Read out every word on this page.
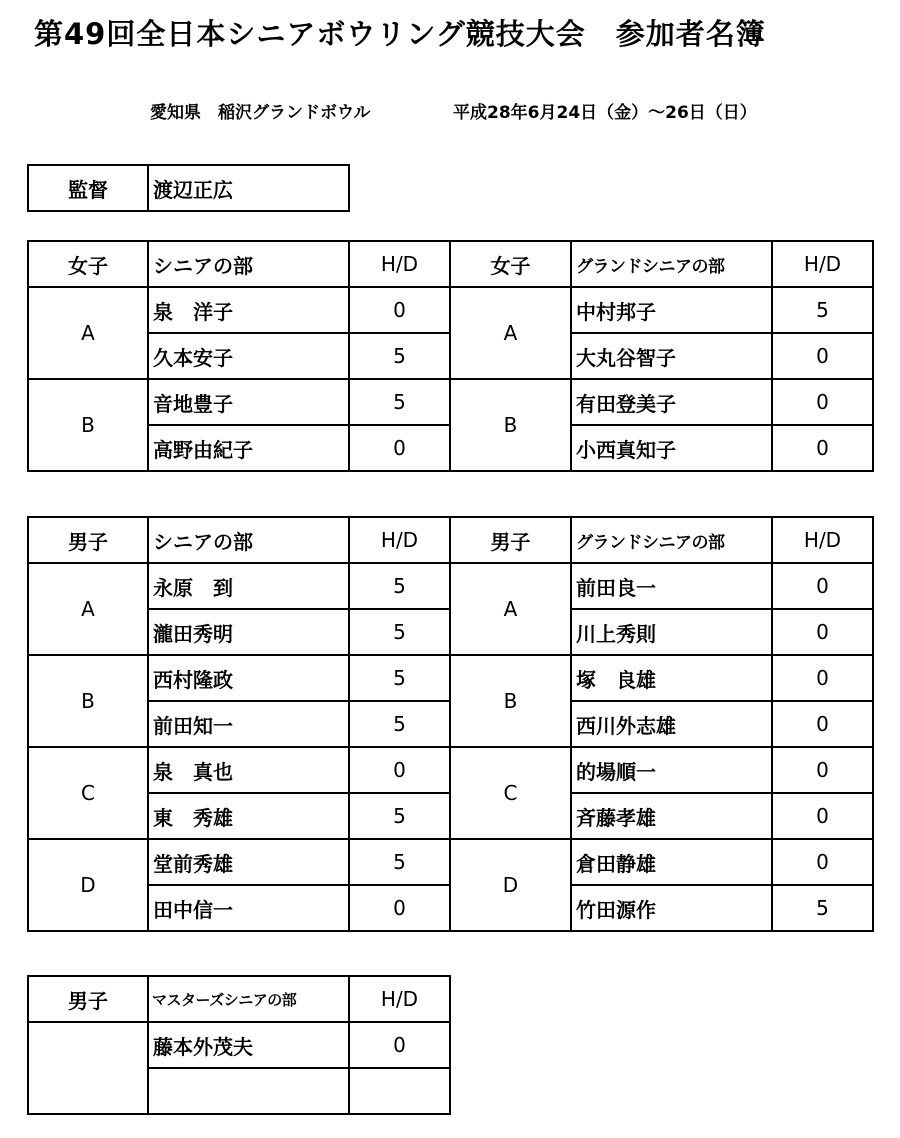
第49回全日本シニアボウリング競技大会　参加者名簿
愛知県　稲沢グランドボウル	平成28年6月24日（金）～26日（日）
監督	渡辺正広
女子	シニアの部	H/D	女子	グランドシニアの部	H/D
A	泉　洋子	0	A	中村邦子	5
	久本安子	5		大丸谷智子	0
B	音地豊子	5	B	有田登美子	0
	高野由紀子	0		小西真知子	0
男子	シニアの部	H/D	男子	グランドシニアの部	H/D
A	永原　到	5	A	前田良一	0
	瀧田秀明	5		川上秀則	0
B	西村隆政	5	B	塚　良雄	0
	前田知一	5		西川外志雄	0
C	泉　真也	0	C	的場順一	0
	東　秀雄	5		斉藤孝雄	0
D	堂前秀雄	5	D	倉田静雄	0
	田中信一	0		竹田源作	5
男子	マスターズシニアの部	H/D
	藤本外茂夫	0
